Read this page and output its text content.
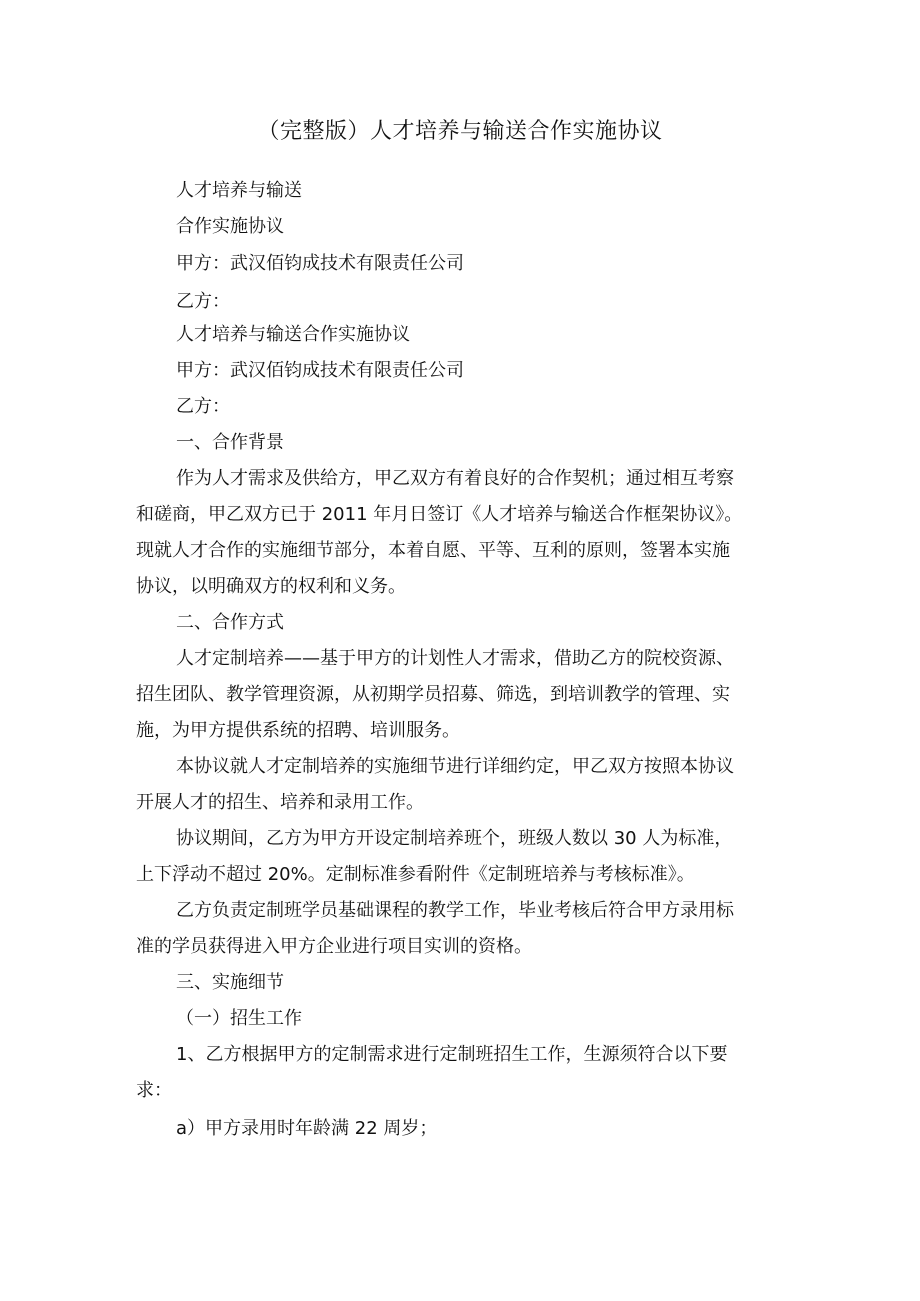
（完整版）人才培养与输送合作实施协议
人才培养与输送
合作实施协议
甲方：武汉佰钧成技术有限责任公司
乙方：
人才培养与输送合作实施协议
甲方：武汉佰钧成技术有限责任公司
乙方：
一、合作背景
作为人才需求及供给方，甲乙双方有着良好的合作契机；通过相互考察
和磋商，甲乙双方已于 2011 年月日签订《人才培养与输送合作框架协议》。
现就人才合作的实施细节部分，本着自愿、平等、互利的原则，签署本实施
协议，以明确双方的权利和义务。
二、合作方式
人才定制培养——基于甲方的计划性人才需求，借助乙方的院校资源、
招生团队、教学管理资源，从初期学员招募、筛选，到培训教学的管理、实
施，为甲方提供系统的招聘、培训服务。
本协议就人才定制培养的实施细节进行详细约定，甲乙双方按照本协议
开展人才的招生、培养和录用工作。
协议期间，乙方为甲方开设定制培养班个，班级人数以 30 人为标准，
上下浮动不超过 20%。定制标准参看附件《定制班培养与考核标准》。
乙方负责定制班学员基础课程的教学工作，毕业考核后符合甲方录用标
准的学员获得进入甲方企业进行项目实训的资格。
三、实施细节
（一）招生工作
1、乙方根据甲方的定制需求进行定制班招生工作，生源须符合以下要
求：
a）甲方录用时年龄满 22 周岁；
